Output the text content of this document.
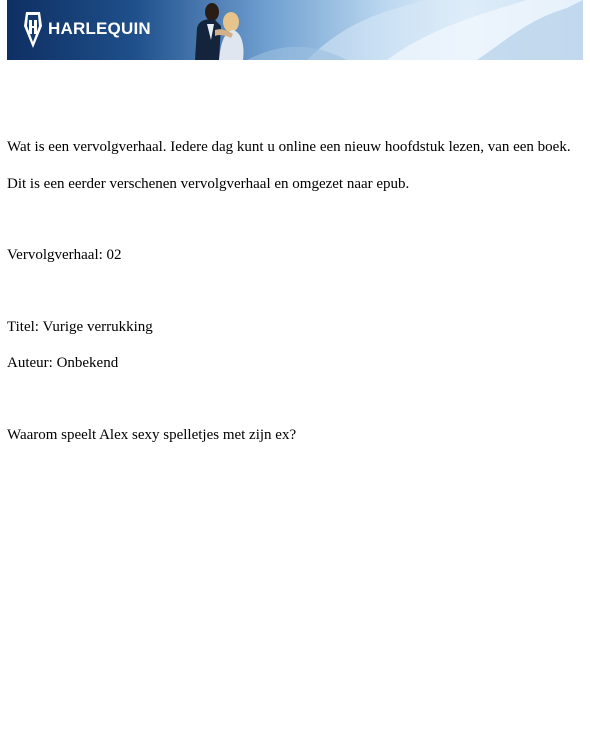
HARLEQUIN

Wat is een vervolgverhaal. Iedere dag kunt u online een nieuw hoofdstuk lezen, van een boek.

Dit is een eerder verschenen vervolgverhaal en omgezet naar epub.

Vervolgverhaal: 02

Titel: Vurige verrukking

Auteur: Onbekend

Waarom speelt Alex sexy spelletjes met zijn ex?
